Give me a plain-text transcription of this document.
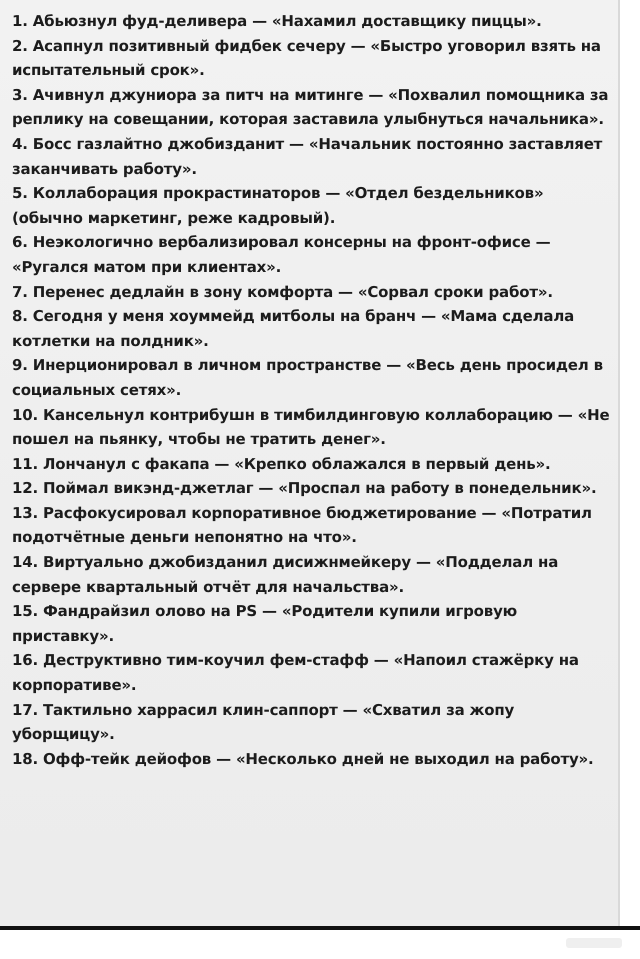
1. Абьюзнул фуд-деливера — «Нахамил доставщику пиццы».

2. Асапнул позитивный фидбек сечеру — «Быстро уговорил взять на испытательный срок».

3. Ачивнул джуниора за питч на митинге — «Похвалил помощника за реплику на совещании, которая заставила улыбнуться начальника».

4. Босс газлайтно джобизданит — «Начальник постоянно заставляет заканчивать работу».

5. Коллаборация прокрастинаторов — «Отдел бездельников» (обычно маркетинг, реже кадровый).

6. Неэкологично вербализировал консерны на фронт-офисе — «Ругался матом при клиентах».

7. Перенес дедлайн в зону комфорта — «Сорвал сроки работ».

8. Сегодня у меня хоуммейд митболы на бранч — «Мама сделала котлетки на полдник».

9. Инерционировал в личном пространстве — «Весь день просидел в социальных сетях».

10. Кансельнул контрибушн в тимбилдинговую коллаборацию — «Не пошел на пьянку, чтобы не тратить денег».

11. Лончанул с факапа — «Крепко облажался в первый день».

12. Поймал викэнд-джетлаг — «Проспал на работу в понедельник».

13. Расфокусировал корпоративное бюджетирование — «Потратил подотчётные деньги непонятно на что».

14. Виртуально джобизданил дисижнмейкеру — «Подделал на сервере квартальный отчёт для начальства».

15. Фандрайзил олово на PS — «Родители купили игровую приставку».

16. Деструктивно тим-коучил фем-стафф — «Напоил стажёрку на корпоративе».

17. Тактильно харрасил клин-саппорт — «Схватил за жопу уборщицу».

18. Офф-тейк дейофов — «Несколько дней не выходил на работу».
